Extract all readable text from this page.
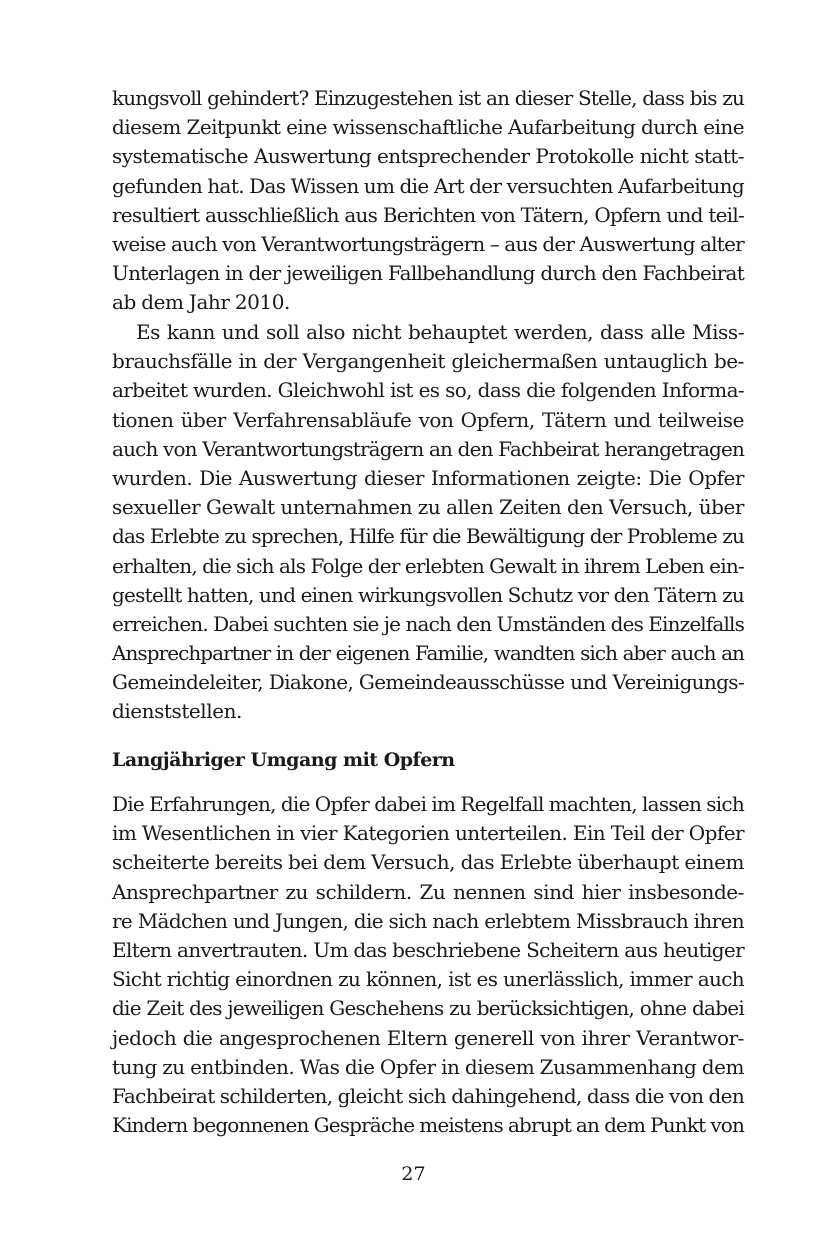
kungsvoll gehindert? Einzugestehen ist an dieser Stelle, dass bis zu
diesem Zeitpunkt eine wissenschaftliche Aufarbeitung durch eine
systematische Auswertung entsprechender Protokolle nicht statt-
gefunden hat. Das Wissen um die Art der versuchten Aufarbeitung
resultiert ausschließlich aus Berichten von Tätern, Opfern und teil-
weise auch von Verantwortungsträgern – aus der Auswertung alter
Unterlagen in der jeweiligen Fallbehandlung durch den Fachbeirat
ab dem Jahr 2010.
Es kann und soll also nicht behauptet werden, dass alle Miss-
brauchsfälle in der Vergangenheit gleichermaßen untauglich be-
arbeitet wurden. Gleichwohl ist es so, dass die folgenden Informa-
tionen über Verfahrensabläufe von Opfern, Tätern und teilweise
auch von Verantwortungsträgern an den Fachbeirat herangetragen
wurden. Die Auswertung dieser Informationen zeigte: Die Opfer
sexueller Gewalt unternahmen zu allen Zeiten den Versuch, über
das Erlebte zu sprechen, Hilfe für die Bewältigung der Probleme zu
erhalten, die sich als Folge der erlebten Gewalt in ihrem Leben ein-
gestellt hatten, und einen wirkungsvollen Schutz vor den Tätern zu
erreichen. Dabei suchten sie je nach den Umständen des Einzelfalls
Ansprechpartner in der eigenen Familie, wandten sich aber auch an
Gemeindeleiter, Diakone, Gemeindeausschüsse und Vereinigungs-
dienststellen.
Langjähriger Umgang mit Opfern
Die Erfahrungen, die Opfer dabei im Regelfall machten, lassen sich
im Wesentlichen in vier Kategorien unterteilen. Ein Teil der Opfer
scheiterte bereits bei dem Versuch, das Erlebte überhaupt einem
Ansprechpartner zu schildern. Zu nennen sind hier insbesonde-
re Mädchen und Jungen, die sich nach erlebtem Missbrauch ihren
Eltern anvertrauten. Um das beschriebene Scheitern aus heutiger
Sicht richtig einordnen zu können, ist es unerlässlich, immer auch
die Zeit des jeweiligen Geschehens zu berücksichtigen, ohne dabei
jedoch die angesprochenen Eltern generell von ihrer Verantwor-
tung zu entbinden. Was die Opfer in diesem Zusammenhang dem
Fachbeirat schilderten, gleicht sich dahingehend, dass die von den
Kindern begonnenen Gespräche meistens abrupt an dem Punkt von
27
